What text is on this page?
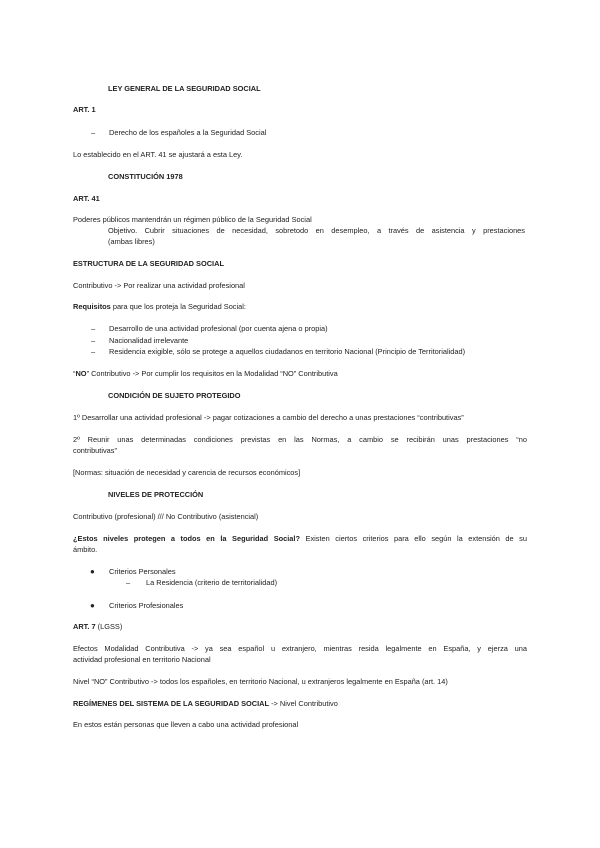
LEY GENERAL DE LA SEGURIDAD SOCIAL
ART. 1
– Derecho de los españoles a la Seguridad Social
Lo establecido en el ART. 41 se ajustará a esta Ley.
CONSTITUCIÓN 1978
ART. 41
Poderes públicos mantendrán un régimen público de la Seguridad Social
Objetivo. Cubrir situaciones de necesidad, sobretodo en desempleo, a través de asistencia y prestaciones
(ambas libres)
ESTRUCTURA DE LA SEGURIDAD SOCIAL
Contributivo -> Por realizar una actividad profesional
Requisitos para que los proteja la Seguridad Social:
– Desarrollo de una actividad profesional (por cuenta ajena o propia)
– Nacionalidad irrelevante
– Residencia exigible, sólo se protege a aquellos ciudadanos en territorio Nacional (Principio de Territorialidad)
“NO” Contributivo -> Por cumplir los requisitos en la Modalidad “NO” Contributiva
CONDICIÓN DE SUJETO PROTEGIDO
1º Desarrollar una actividad profesional -> pagar cotizaciones a cambio del derecho a unas prestaciones “contributivas”
2º Reunir unas determinadas condiciones previstas en las Normas, a cambio se recibirán unas prestaciones “no
contributivas”
[Normas: situación de necesidad y carencia de recursos económicos]
NIVELES DE PROTECCIÓN
Contributivo (profesional) /// No Contributivo (asistencial)
¿Estos niveles protegen a todos en la Seguridad Social? Existen ciertos criterios para ello según la extensión de su
ámbito.
● Criterios Personales
– La Residencia (criterio de territorialidad)
● Criterios Profesionales
ART. 7 (LGSS)
Efectos Modalidad Contributiva -> ya sea español u extranjero, mientras resida legalmente en España, y ejerza una
actividad profesional en territorio Nacional
Nivel “NO” Contributivo -> todos los españoles, en territorio Nacional, u extranjeros legalmente en España (art. 14)
REGÍMENES DEL SISTEMA DE LA SEGURIDAD SOCIAL -> Nivel Contributivo
En estos están personas que lleven a cabo una actividad profesional
